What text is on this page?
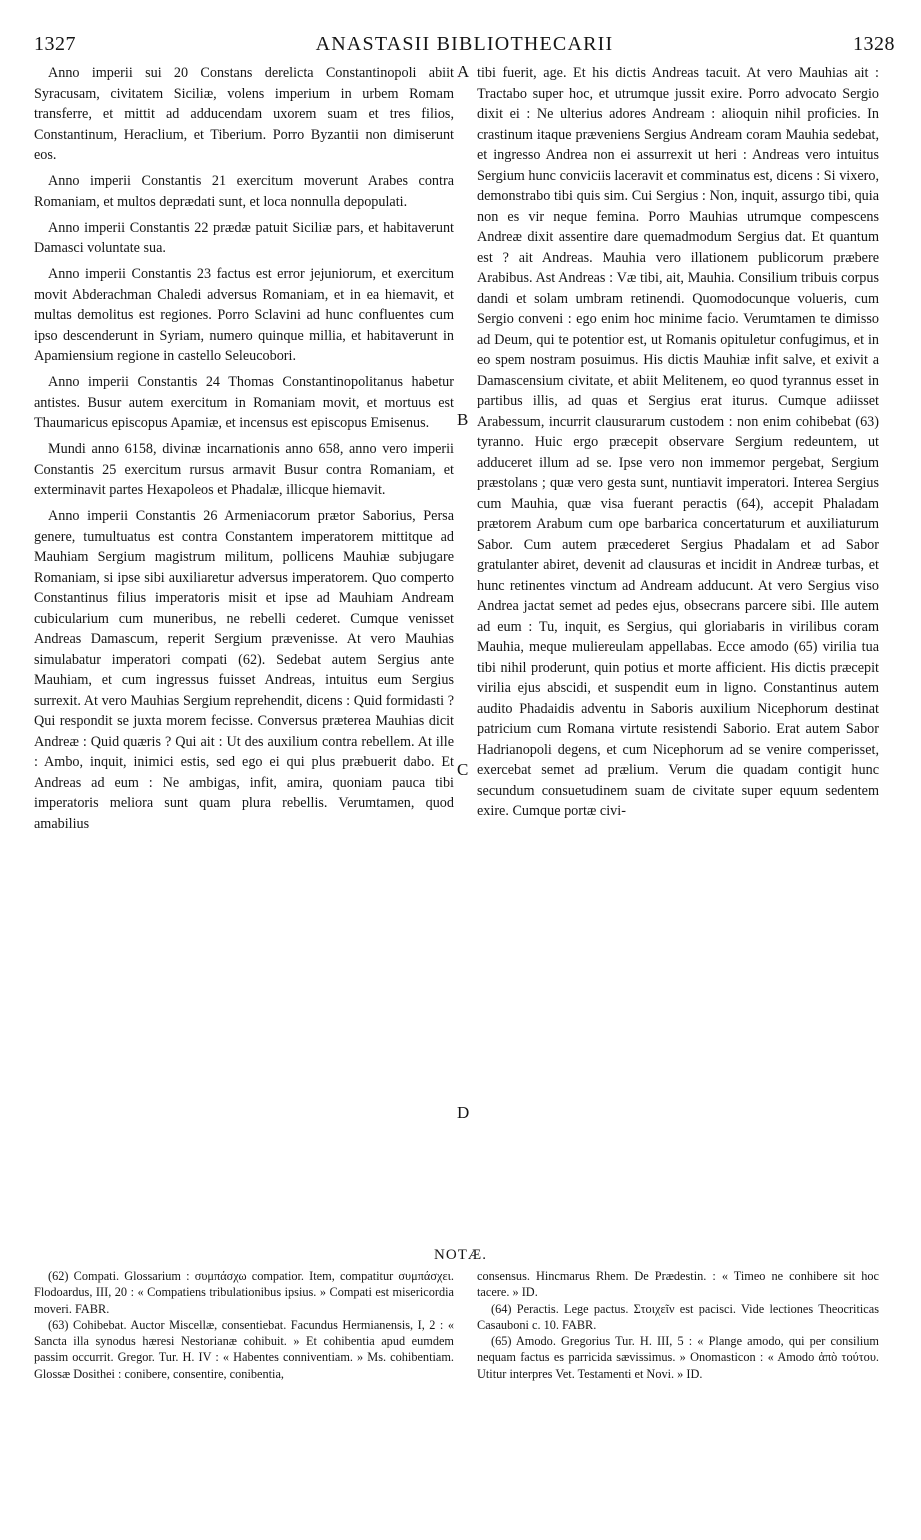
1327	ANASTASII BIBLIOTHECARII	1328

Anno imperii sui 20 Constans derelicta Constantinopoli abiit Syracusam, civitatem Siciliæ, volens imperium in urbem Romam transferre, et mittit ad adducendam uxorem suam et tres filios, Constantinum, Heraclium, et Tiberium. Porro Byzantii non dimiserunt eos.

Anno imperii Constantis 21 exercitum moverunt Arabes contra Romaniam, et multos deprædati sunt, et loca nonnulla depopulati.

Anno imperii Constantis 22 prædæ patuit Siciliæ pars, et habitaverunt Damasci voluntate sua.

Anno imperii Constantis 23 factus est error jejuniorum, et exercitum movit Abderachman Chaledi adversus Romaniam, et in ea hiemavit, et multas demolitus est regiones. Porro Sclavini ad hunc confluentes cum ipso descenderunt in Syriam, numero quinque millia, et habitaverunt in Apamiensium regione in castello Seleucobori.

Anno imperii Constantis 24 Thomas Constantinopolitanus habetur antistes. Busur autem exercitum in Romaniam movit, et mortuus est Thaumaricus episcopus Apamiæ, et incensus est episcopus Emisenus.

Mundi anno 6158, divinæ incarnationis anno 658, anno vero imperii Constantis 25 exercitum rursus armavit Busur contra Romaniam, et exterminavit partes Hexapoleos et Phadalæ, illicque hiemavit.

Anno imperii Constantis 26 Armeniacorum prætor Saborius, Persa genere, tumultuatus est contra Constantem imperatorem mittitque ad Mauhiam Sergium magistrum militum, pollicens Mauhiæ subjugare Romaniam, si ipse sibi auxiliaretur adversus imperatorem. Quo comperto Constantinus filius imperatoris misit et ipse ad Mauhiam Andream cubicularium cum muneribus, ne rebelli cederet. Cumque venisset Andreas Damascum, reperit Sergium prævenisse. At vero Mauhias simulabatur imperatori compati (62). Sedebat autem Sergius ante Mauhiam, et cum ingressus fuisset Andreas, intuitus eum Sergius surrexit. At vero Mauhias Sergium reprehendit, dicens : Quid formidasti ? Qui respondit se juxta morem fecisse. Conversus præterea Mauhias dicit Andreæ : Quid quæris ? Qui ait : Ut des auxilium contra rebellem. At ille : Ambo, inquit, inimici estis, sed ego ei qui plus præbuerit dabo. Et Andreas ad eum : Ne ambigas, infit, amira, quoniam pauca tibi imperatoris meliora sunt quam plura rebellis. Verumtamen, quod amabilius

A
B
C
D

tibi fuerit, age. Et his dictis Andreas tacuit. At vero Mauhias ait : Tractabo super hoc, et utrumque jussit exire. Porro advocato Sergio dixit ei : Ne ulterius adores Andream : alioquin nihil proficies. In crastinum itaque præveniens Sergius Andream coram Mauhia sedebat, et ingresso Andrea non ei assurrexit ut heri : Andreas vero intuitus Sergium hunc conviciis laceravit et comminatus est, dicens : Si vixero, demonstrabo tibi quis sim. Cui Sergius : Non, inquit, assurgo tibi, quia non es vir neque femina. Porro Mauhias utrumque compescens Andreæ dixit assentire dare quemadmodum Sergius dat. Et quantum est ? ait Andreas. Mauhia vero illationem publicorum præbere Arabibus. Ast Andreas : Væ tibi, ait, Mauhia. Consilium tribuis corpus dandi et solam umbram retinendi. Quomodocunque volueris, cum Sergio conveni : ego enim hoc minime facio. Verumtamen te dimisso ad Deum, qui te potentior est, ut Romanis opituletur confugimus, et in eo spem nostram posuimus. His dictis Mauhiæ infit salve, et exivit a Damascensium civitate, et abiit Melitenem, eo quod tyrannus esset in partibus illis, ad quas et Sergius erat iturus. Cumque adiisset Arabessum, incurrit clausurarum custodem : non enim cohibebat (63) tyranno. Huic ergo præcepit observare Sergium redeuntem, ut adduceret illum ad se. Ipse vero non immemor pergebat, Sergium præstolans ; quæ vero gesta sunt, nuntiavit imperatori. Interea Sergius cum Mauhia, quæ visa fuerant peractis (64), accepit Phaladam prætorem Arabum cum ope barbarica concertaturum et auxiliaturum Sabor. Cum autem præcederet Sergius Phadalam et ad Sabor gratulanter abiret, devenit ad clausuras et incidit in Andreæ turbas, et hunc retinentes vinctum ad Andream adducunt. At vero Sergius viso Andrea jactat semet ad pedes ejus, obsecrans parcere sibi. Ille autem ad eum : Tu, inquit, es Sergius, qui gloriabaris in virilibus coram Mauhia, meque muliereulam appellabas. Ecce amodo (65) virilia tua tibi nihil proderunt, quin potius et morte afficient. His dictis præcepit virilia ejus abscidi, et suspendit eum in ligno. Constantinus autem audito Phadaidis adventu in Saboris auxilium Nicephorum destinat patricium cum Romana virtute resistendi Saborio. Erat autem Sabor Hadrianopoli degens, et cum Nicephorum ad se venire comperisset, exercebat semet ad prælium. Verum die quadam contigit hunc secundum consuetudinem suam de civitate super equum sedentem exire. Cumque portæ civi-

NOTÆ.

(62) Compati. Glossarium : συμπάσχω compatior. Item, compatitur συμπάσχει. Flodoardus, III, 20 : « Compatiens tribulationibus ipsius. » Compati est misericordia moveri. FABR.

(63) Cohibebat. Auctor Miscellæ, consentiebat. Facundus Hermianensis, I, 2 : « Sancta illa synodus hæresi Nestorianæ cohibuit. » Et cohibentia apud eumdem passim occurrit. Gregor. Tur. H. IV : « Habentes conniventiam. » Ms. cohibentiam. Glossæ Dosithei : conibere, consentire, conibentia,

consensus. Hincmarus Rhem. De Prædestin. : « Timeo ne conhibere sit hoc tacere. » ID.

(64) Peractis. Lege pactus. Στοιχεῖν est pacisci. Vide lectiones Theocriticas Casauboni c. 10. FABR.

(65) Amodo. Gregorius Tur. H. III, 5 : « Plange amodo, qui per consilium nequam factus es parricida sævissimus. » Onomasticon : « Amodo ἀπὸ τούτου. Utitur interpres Vet. Testamenti et Novi. » ID.
